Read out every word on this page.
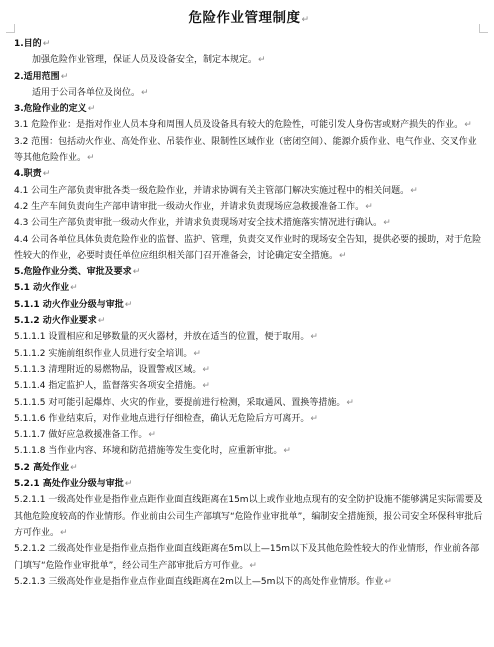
危险作业管理制度↵

1.目的↵

加强危险作业管理，保证人员及设备安全，制定本规定。↵

2.适用范围↵

适用于公司各单位及岗位。↵

3.危险作业的定义↵

3.1 危险作业：是指对作业人员本身和周围人员及设备具有较大的危险性，可能引发人身伤害或财产损失的作业。↵

3.2 范围：包括动火作业、高处作业、吊装作业、限制性区域作业（密闭空间）、能源介质作业、电气作业、交叉作业等其他危险作业。↵

4.职责↵

4.1 公司生产部负责审批各类一级危险作业，并请求协调有关主管部门解决实施过程中的相关问题。↵

4.2 生产车间负责向生产部申请审批一级动火作业，并请求负责现场应急救援准备工作。↵

4.3 公司生产部负责审批一级动火作业，并请求负责现场对安全技术措施落实情况进行确认。↵

4.4 公司各单位具体负责危险作业的监督、监护、管理，负责交叉作业时的现场安全告知，提供必要的援助，对于危险性较大的作业，必要时责任单位应组织相关部门召开准备会，讨论确定安全措施。↵

5.危险作业分类、审批及要求↵

5.1 动火作业↵

5.1.1 动火作业分级与审批↵

5.1.2 动火作业要求↵

5.1.1.1 设置相应和足够数量的灭火器材，并放在适当的位置，便于取用。↵

5.1.1.2 实施前组织作业人员进行安全培训。↵

5.1.1.3 清理附近的易燃物品，设置警戒区域。↵

5.1.1.4 指定监护人，监督落实各项安全措施。↵

5.1.1.5 对可能引起爆炸、火灾的作业，要提前进行检测，采取通风、置换等措施。↵

5.1.1.6 作业结束后，对作业地点进行仔细检查，确认无危险后方可离开。↵

5.1.1.7 做好应急救援准备工作。↵

5.1.1.8 当作业内容、环境和防范措施等发生变化时，应重新审批。↵

5.2 高处作业↵

5.2.1 高处作业分级与审批↵

5.2.1.1 一级高处作业是指作业点距作业面直线距离在15m以上或作业地点现有的安全防护设施不能够满足实际需要及其他危险度较高的作业情形。作业前由公司生产部填写“危险作业审批单”，编制安全措施预，报公司安全环保科审批后方可作业。↵

5.2.1.2 二级高处作业是指作业点指作业面直线距离在5m以上—15m以下及其他危险性较大的作业情形，作业前各部门填写“危险作业审批单”，经公司生产部审批后方可作业。↵

5.2.1.3 三级高处作业是指作业点作业面直线距离在2m以上—5m以下的高处作业情形。作业↵
